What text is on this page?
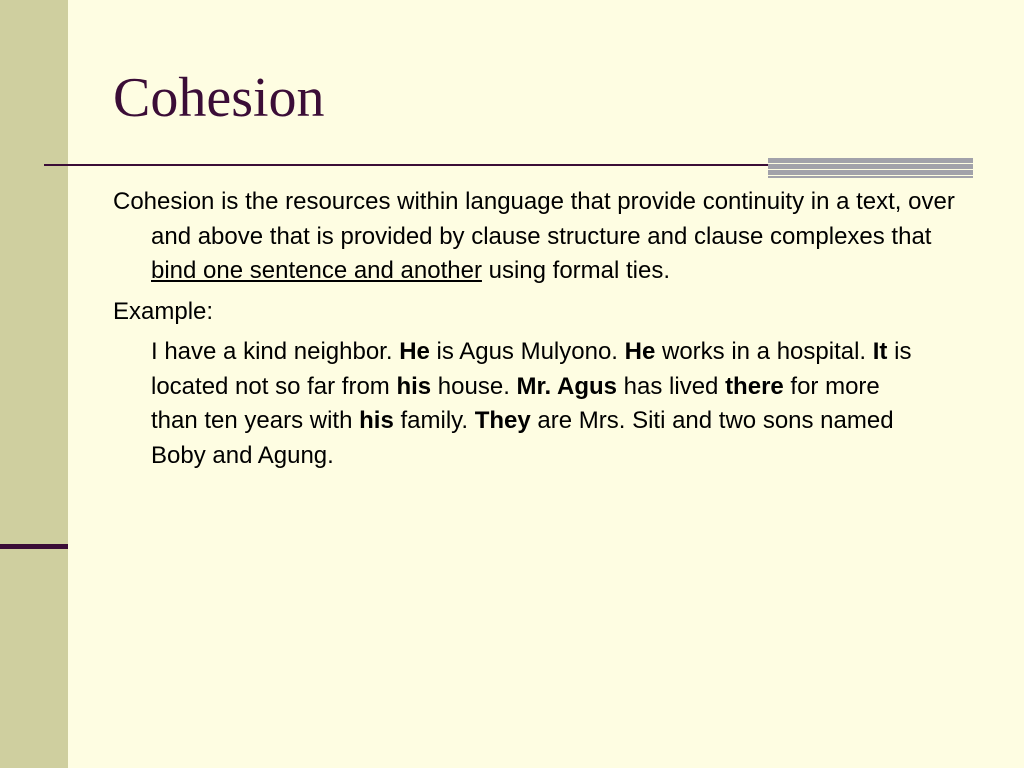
Cohesion

Cohesion is the resources within language that provide continuity in a text, over and above that is provided by clause structure and clause complexes that bind one sentence and another using formal ties.

Example:

I have a kind neighbor. He is Agus Mulyono. He works in a hospital. It is located not so far from his house. Mr. Agus has lived there for more than ten years with his family. They are Mrs. Siti and two sons named Boby and Agung.
